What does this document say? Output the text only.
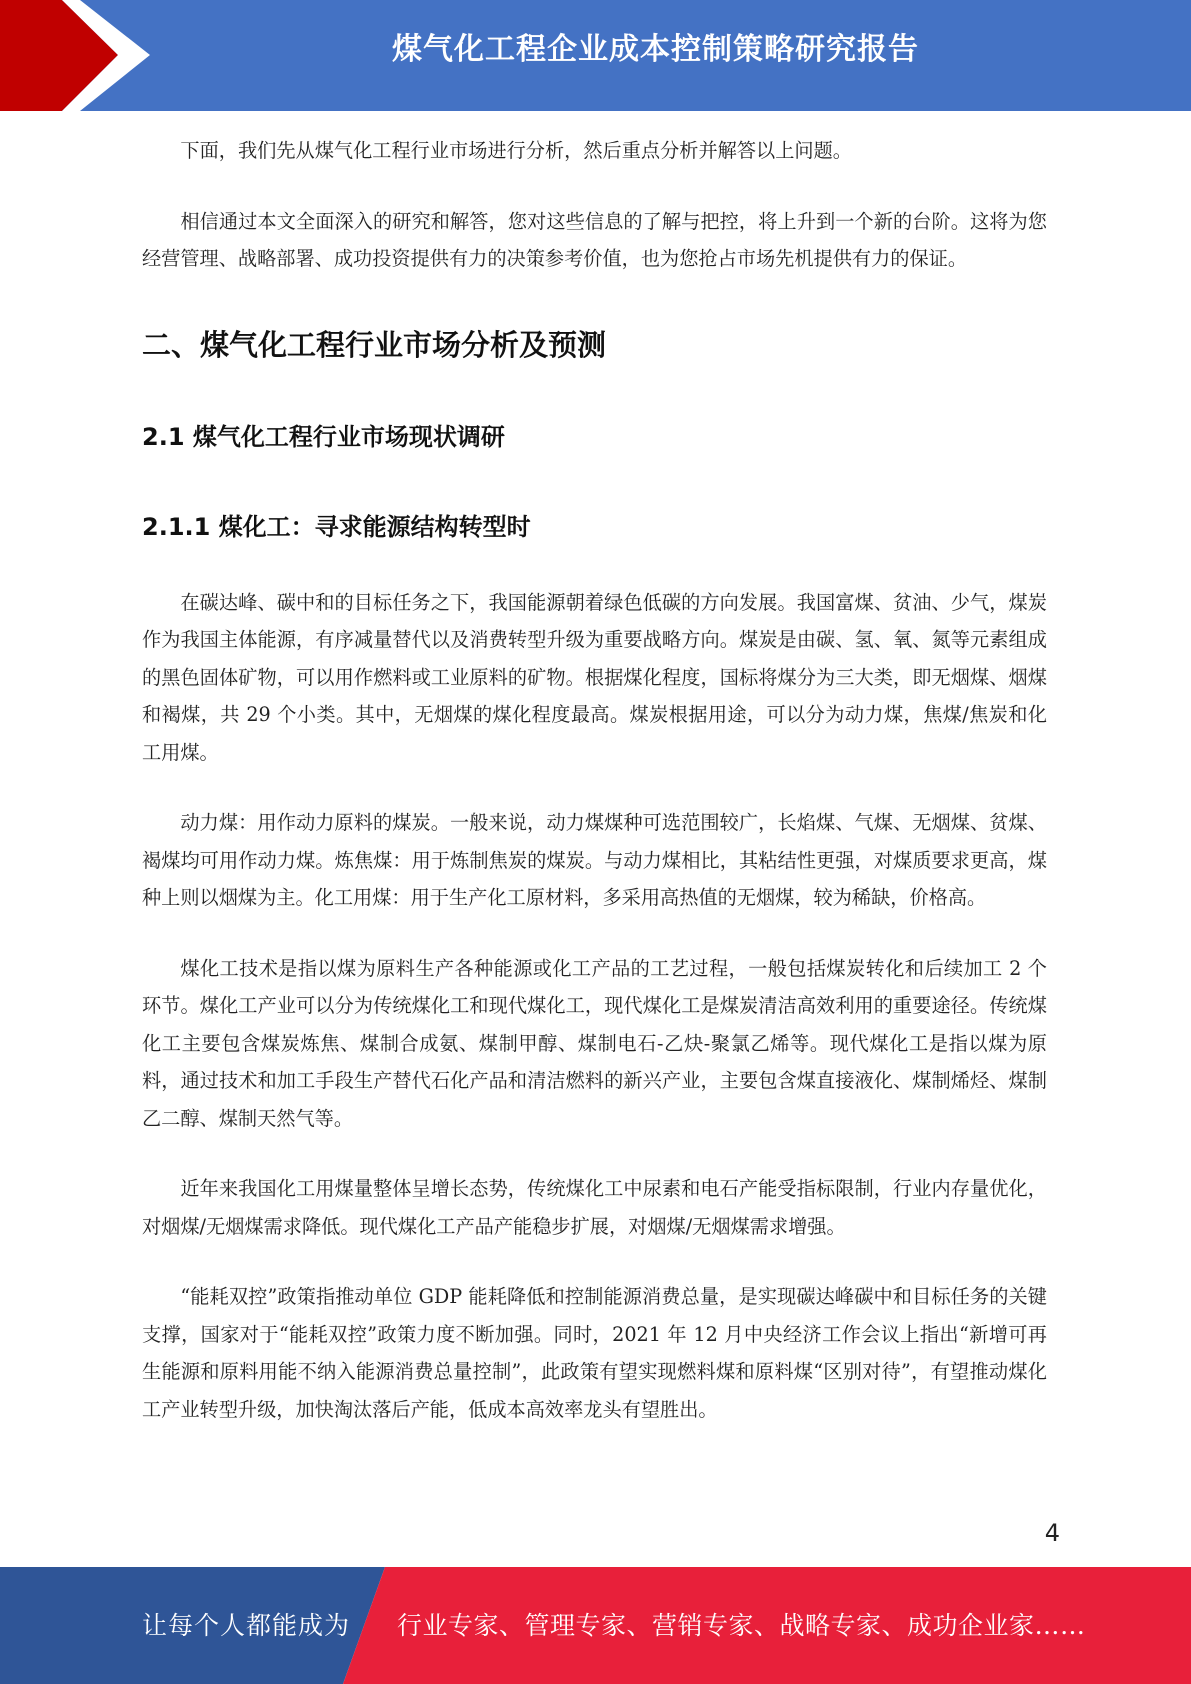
煤气化工程企业成本控制策略研究报告

下面，我们先从煤气化工程行业市场进行分析，然后重点分析并解答以上问题。

相信通过本文全面深入的研究和解答，您对这些信息的了解与把控，将上升到一个新的台阶。这将为您经营管理、战略部署、成功投资提供有力的决策参考价值，也为您抢占市场先机提供有力的保证。

二、煤气化工程行业市场分析及预测
2.1 煤气化工程行业市场现状调研
2.1.1 煤化工：寻求能源结构转型时

在碳达峰、碳中和的目标任务之下，我国能源朝着绿色低碳的方向发展。我国富煤、贫油、少气，煤炭作为我国主体能源，有序减量替代以及消费转型升级为重要战略方向。煤炭是由碳、氢、氧、氮等元素组成的黑色固体矿物，可以用作燃料或工业原料的矿物。根据煤化程度，国标将煤分为三大类，即无烟煤、烟煤和褐煤，共 29 个小类。其中，无烟煤的煤化程度最高。煤炭根据用途，可以分为动力煤，焦煤/焦炭和化工用煤。

动力煤：用作动力原料的煤炭。一般来说，动力煤煤种可选范围较广，长焰煤、气煤、无烟煤、贫煤、褐煤均可用作动力煤。炼焦煤：用于炼制焦炭的煤炭。与动力煤相比，其粘结性更强，对煤质要求更高，煤种上则以烟煤为主。化工用煤：用于生产化工原材料，多采用高热值的无烟煤，较为稀缺，价格高。

煤化工技术是指以煤为原料生产各种能源或化工产品的工艺过程，一般包括煤炭转化和后续加工 2 个环节。煤化工产业可以分为传统煤化工和现代煤化工，现代煤化工是煤炭清洁高效利用的重要途径。传统煤化工主要包含煤炭炼焦、煤制合成氨、煤制甲醇、煤制电石-乙炔-聚氯乙烯等。现代煤化工是指以煤为原料，通过技术和加工手段生产替代石化产品和清洁燃料的新兴产业，主要包含煤直接液化、煤制烯烃、煤制乙二醇、煤制天然气等。

近年来我国化工用煤量整体呈增长态势，传统煤化工中尿素和电石产能受指标限制，行业内存量优化，对烟煤/无烟煤需求降低。现代煤化工产品产能稳步扩展，对烟煤/无烟煤需求增强。

“能耗双控”政策指推动单位 GDP 能耗降低和控制能源消费总量，是实现碳达峰碳中和目标任务的关键支撑，国家对于“能耗双控”政策力度不断加强。同时，2021 年 12 月中央经济工作会议上指出“新增可再生能源和原料用能不纳入能源消费总量控制”，此政策有望实现燃料煤和原料煤“区别对待”，有望推动煤化工产业转型升级，加快淘汰落后产能，低成本高效率龙头有望胜出。

4
让每个人都能成为 行业专家、管理专家、营销专家、战略专家、成功企业家……
